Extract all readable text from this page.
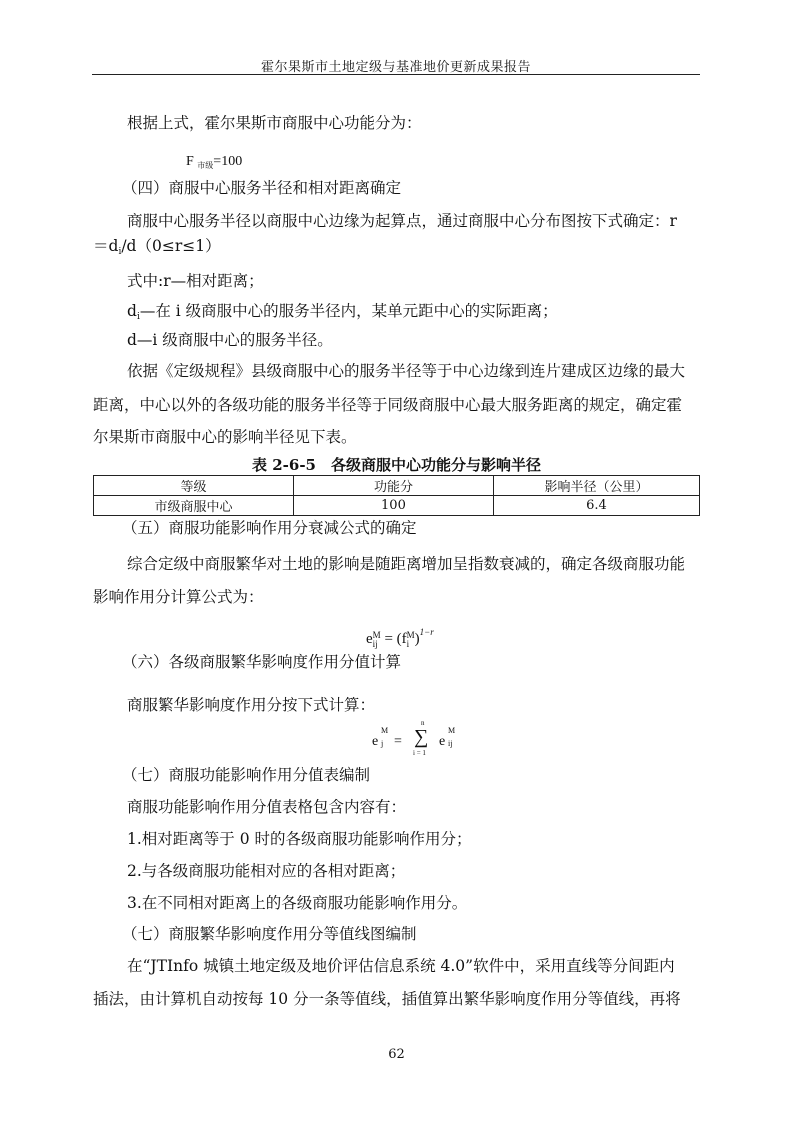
霍尔果斯市土地定级与基准地价更新成果报告
根据上式，霍尔果斯市商服中心功能分为：
F $_{市级}$=100
（四）商服中心服务半径和相对距离确定
商服中心服务半径以商服中心边缘为起算点，通过商服中心分布图按下式确定：r
$=d_i/d(0\le r\le 1)$
式中:r—相对距离；
$d_i—$在 i 级商服中心的服务半径内，某单元距中心的实际距离；
d—i 级商服中心的服务半径。
依据《定级规程》县级商服中心的服务半径等于中心边缘到连片建成区边缘的最大
距离，中心以外的各级功能的服务半径等于同级商服中心最大服务距离的规定，确定霍
尔果斯市商服中心的影响半径见下表。
表 2-6-5　各级商服中心功能分与影响半径
等级	功能分	影响半径（公里）
市级商服中心	100	6.4
（五）商服功能影响作用分衰减公式的确定
综合定级中商服繁华对土地的影响是随距离增加呈指数衰减的，确定各级商服功能
影响作用分计算公式为：
e M
ij = (f M
i )$^{1-r}$
（六）各级商服繁华影响度作用分值计算
商服繁华影响度作用分按下式计算：
e
M
j =
n
∑
i = 1
e
M
ij
（七）商服功能影响作用分值表编制
商服功能影响作用分值表格包含内容有：
1.相对距离等于 0 时的各级商服功能影响作用分；
2.与各级商服功能相对应的各相对距离；
3.在不同相对距离上的各级商服功能影响作用分。
（七）商服繁华影响度作用分等值线图编制
在“JTInfo 城镇土地定级及地价评估信息系统 4.0”软件中，采用直线等分间距内
插法，由计算机自动按每 10 分一条等值线，插值算出繁华影响度作用分等值线，再将
62
